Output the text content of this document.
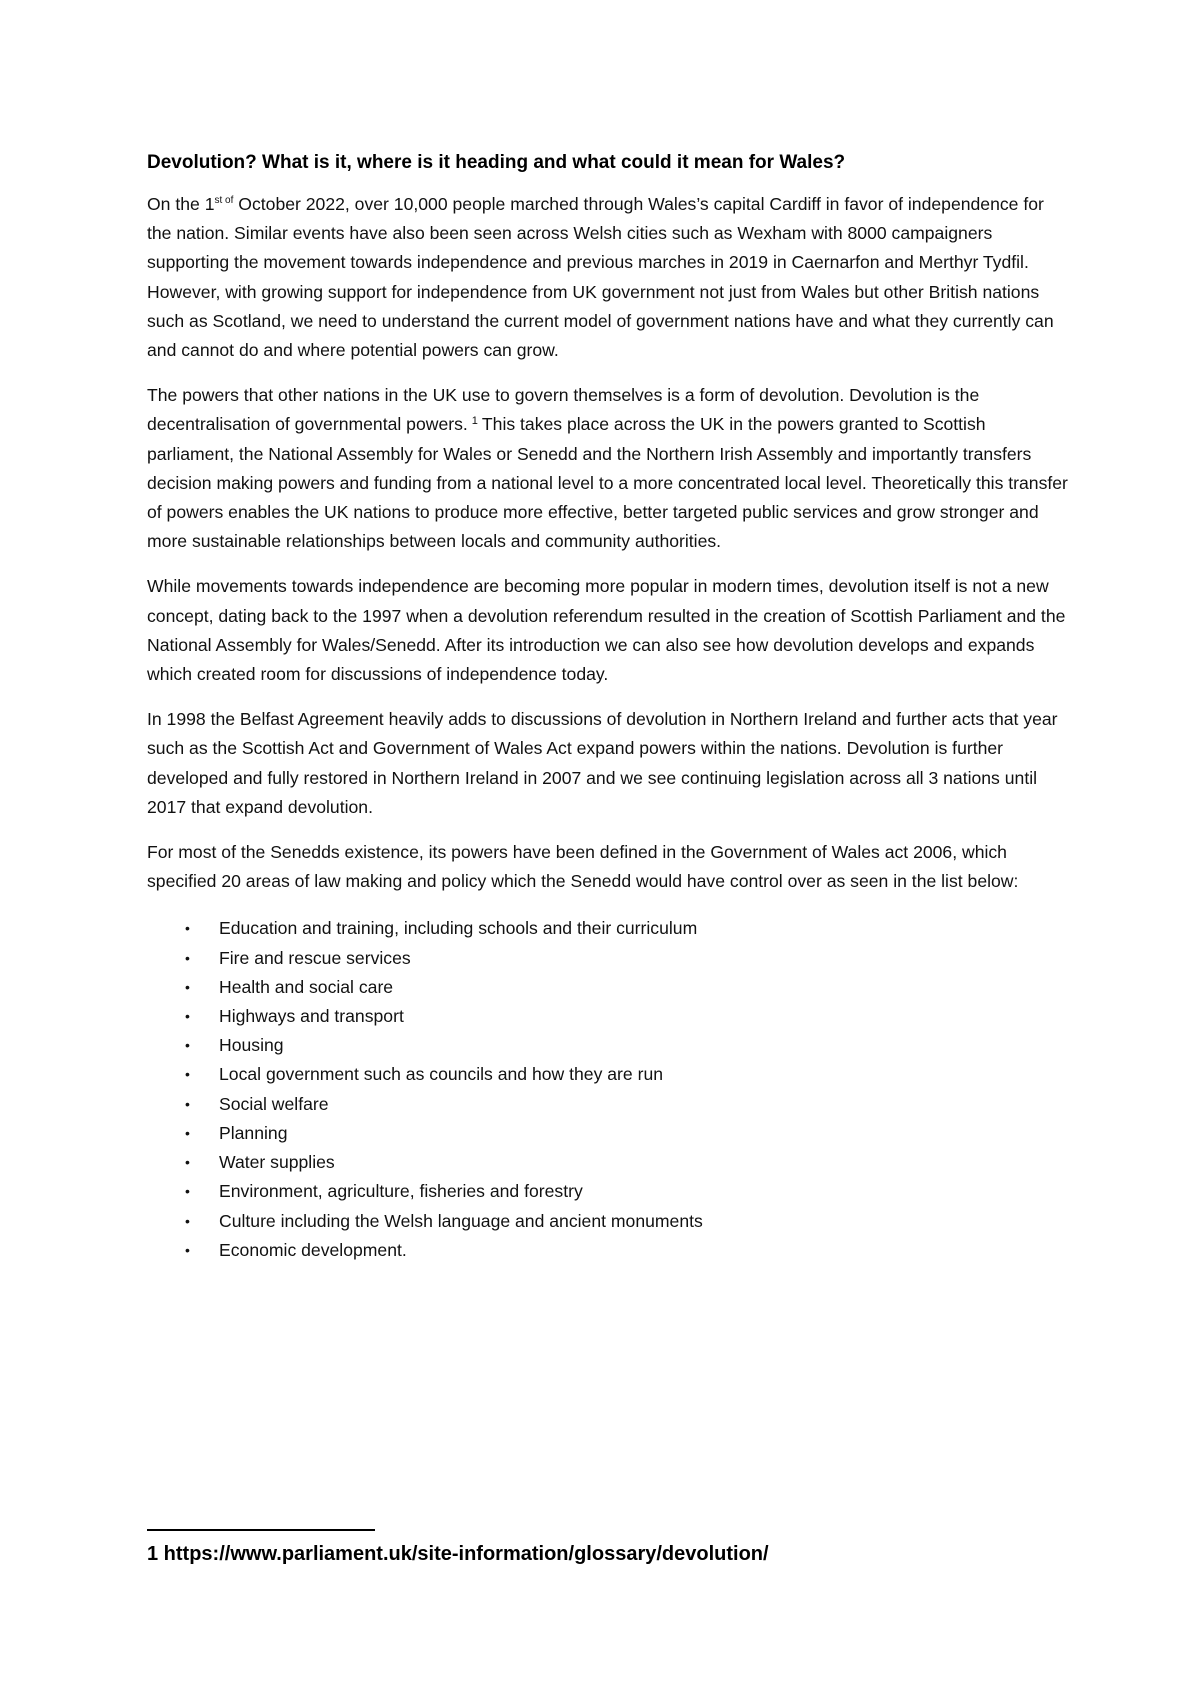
Devolution? What is it, where is it heading and what could it mean for Wales?

On the $1^{st of}$ October 2022, over 10,000 people marched through Wales’s capital Cardiff in favor of independence for the nation. Similar events have also been seen across Welsh cities such as Wexham with 8000 campaigners supporting the movement towards independence and previous marches in 2019 in Caernarfon and Merthyr Tydfil. However, with growing support for independence from UK government not just from Wales but other British nations such as Scotland, we need to understand the current model of government nations have and what they currently can and cannot do and where potential powers can grow.

The powers that other nations in the UK use to govern themselves is a form of devolution. Devolution is the decentralisation of governmental powers. $^1$ This takes place across the UK in the powers granted to Scottish parliament, the National Assembly for Wales or Senedd and the Northern Irish Assembly and importantly transfers decision making powers and funding from a national level to a more concentrated local level. Theoretically this transfer of powers enables the UK nations to produce more effective, better targeted public services and grow stronger and more sustainable relationships between locals and community authorities.

While movements towards independence are becoming more popular in modern times, devolution itself is not a new concept, dating back to the 1997 when a devolution referendum resulted in the creation of Scottish Parliament and the National Assembly for Wales/Senedd. After its introduction we can also see how devolution develops and expands which created room for discussions of independence today.

In 1998 the Belfast Agreement heavily adds to discussions of devolution in Northern Ireland and further acts that year such as the Scottish Act and Government of Wales Act expand powers within the nations. Devolution is further developed and fully restored in Northern Ireland in 2007 and we see continuing legislation across all 3 nations until 2017 that expand devolution.

For most of the Senedds existence, its powers have been defined in the Government of Wales act 2006, which specified 20 areas of law making and policy which the Senedd would have control over as seen in the list below:

• Education and training, including schools and their curriculum
• Fire and rescue services
• Health and social care
• Highways and transport
• Housing
• Local government such as councils and how they are run
• Social welfare
• Planning
• Water supplies
• Environment, agriculture, fisheries and forestry
• Culture including the Welsh language and ancient monuments
• Economic development.
1 https://www.parliament.uk/site-information/glossary/devolution/
